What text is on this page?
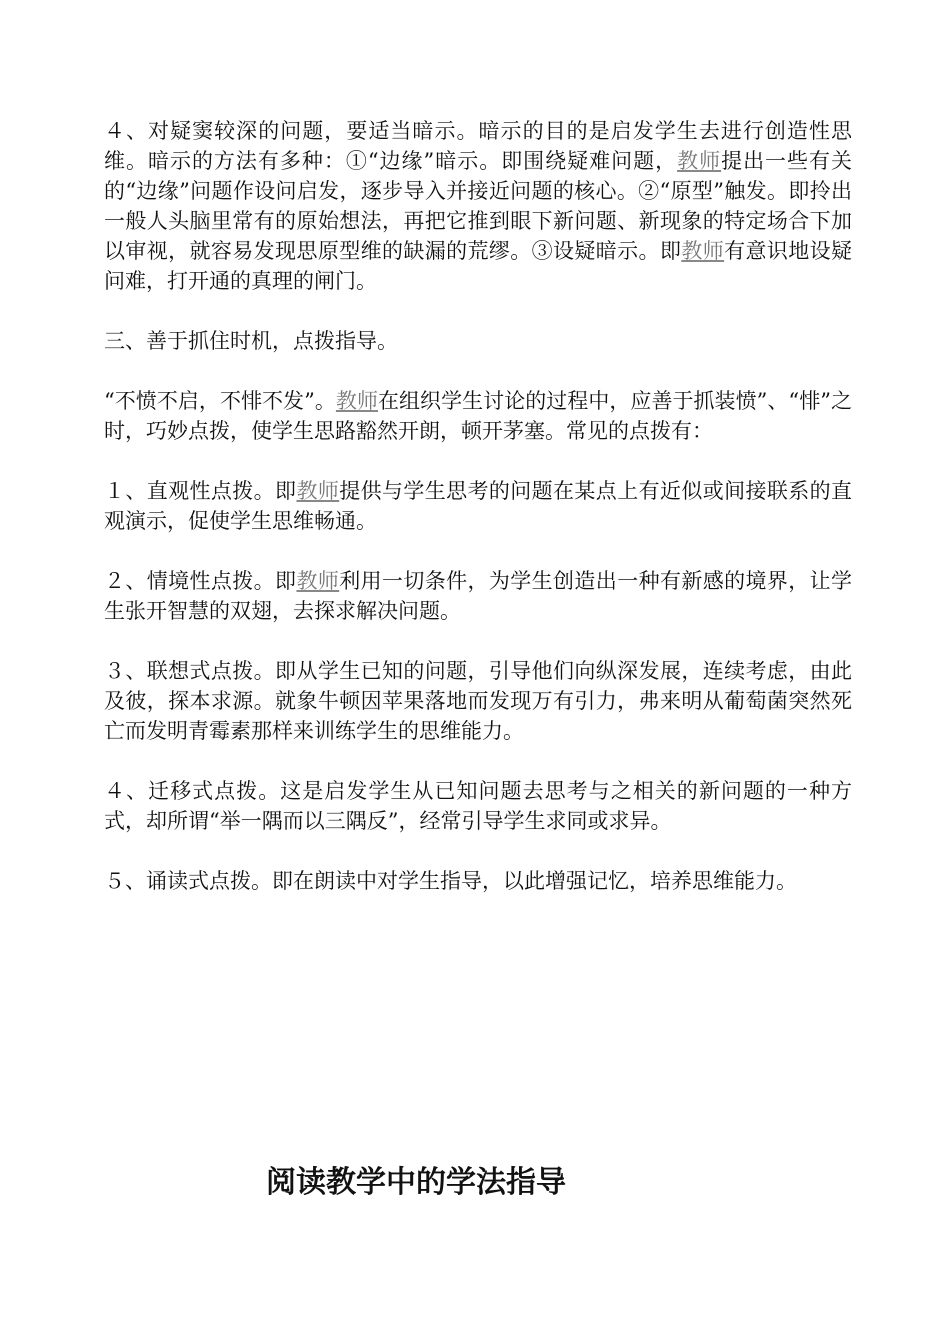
４、对疑窦较深的问题，要适当暗示。暗示的目的是启发学生去进行创造性思维。暗示的方法有多种：①“边缘”暗示。即围绕疑难问题，教师提出一些有关的“边缘”问题作设问启发，逐步导入并接近问题的核心。②“原型”触发。即拎出一般人头脑里常有的原始想法，再把它推到眼下新问题、新现象的特定场合下加以审视，就容易发现思原型维的缺漏的荒缪。③设疑暗示。即教师有意识地设疑问难，打开通的真理的闸门。

三、善于抓住时机，点拨指导。

“不愤不启，不悱不发”。教师在组织学生讨论的过程中，应善于抓装愤”、“悱”之时，巧妙点拨，使学生思路豁然开朗，顿开茅塞。常见的点拨有：

１、直观性点拨。即教师提供与学生思考的问题在某点上有近似或间接联系的直观演示，促使学生思维畅通。

２、情境性点拨。即教师利用一切条件，为学生创造出一种有新感的境界，让学生张开智慧的双翅，去探求解决问题。

３、联想式点拨。即从学生已知的问题，引导他们向纵深发展，连续考虑，由此及彼，探本求源。就象牛顿因苹果落地而发现万有引力，弗来明从葡萄菌突然死亡而发明青霉素那样来训练学生的思维能力。

４、迁移式点拨。这是启发学生从已知问题去思考与之相关的新问题的一种方式，却所谓“举一隅而以三隅反”，经常引导学生求同或求异。

５、诵读式点拨。即在朗读中对学生指导，以此增强记忆，培养思维能力。

阅读教学中的学法指导
